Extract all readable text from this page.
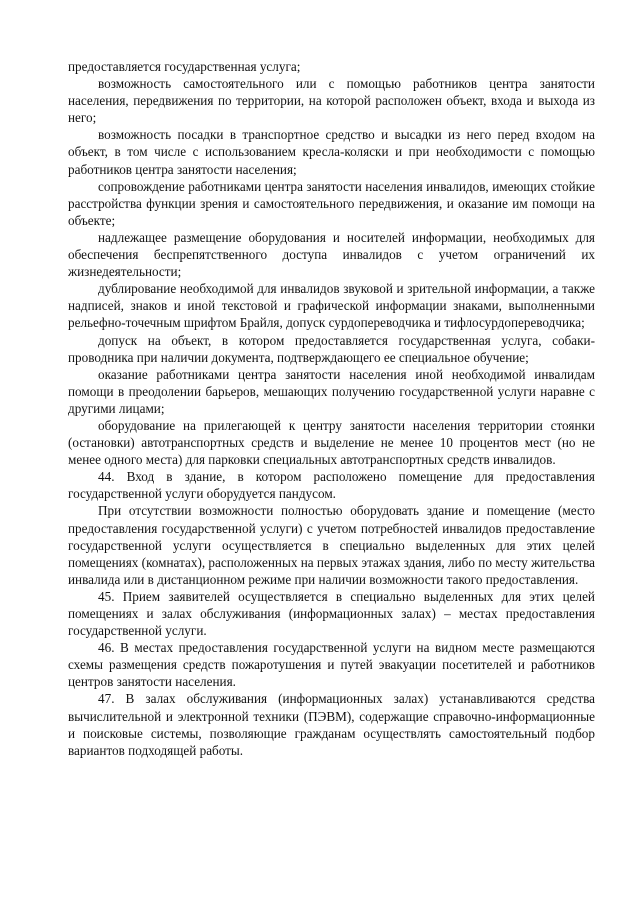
предоставляется государственная услуга;

возможность самостоятельного или с помощью работников центра занятости населения, передвижения по территории, на которой расположен объект, входа и выхода из него;

возможность посадки в транспортное средство и высадки из него перед входом на объект, в том числе с использованием кресла-коляски и при необходимости с помощью работников центра занятости населения;

сопровождение работниками центра занятости населения инвалидов, имеющих стойкие расстройства функции зрения и самостоятельного передвижения, и оказание им помощи на объекте;

надлежащее размещение оборудования и носителей информации, необходимых для обеспечения беспрепятственного доступа инвалидов с учетом ограничений их жизнедеятельности;

дублирование необходимой для инвалидов звуковой и зрительной информации, а также надписей, знаков и иной текстовой и графической информации знаками, выполненными рельефно-точечным шрифтом Брайля, допуск сурдопереводчика и тифлосурдопереводчика;

допуск на объект, в котором предоставляется государственная услуга, собаки-проводника при наличии документа, подтверждающего ее специальное обучение;

оказание работниками центра занятости населения иной необходимой инвалидам помощи в преодолении барьеров, мешающих получению государственной услуги наравне с другими лицами;

оборудование на прилегающей к центру занятости населения территории стоянки (остановки) автотранспортных средств и выделение не менее 10 процентов мест (но не менее одного места) для парковки специальных автотранспортных средств инвалидов.

44. Вход в здание, в котором расположено помещение для предоставления государственной услуги оборудуется пандусом.

При отсутствии возможности полностью оборудовать здание и помещение (место предоставления государственной услуги) с учетом потребностей инвалидов предоставление государственной услуги осуществляется в специально выделенных для этих целей помещениях (комнатах), расположенных на первых этажах здания, либо по месту жительства инвалида или в дистанционном режиме при наличии возможности такого предоставления.

45. Прием заявителей осуществляется в специально выделенных для этих целей помещениях и залах обслуживания (информационных залах) – местах предоставления государственной услуги.

46. В местах предоставления государственной услуги на видном месте размещаются схемы размещения средств пожаротушения и путей эвакуации посетителей и работников центров занятости населения.

47. В залах обслуживания (информационных залах) устанавливаются средства вычислительной и электронной техники (ПЭВМ), содержащие справочно-информационные и поисковые системы, позволяющие гражданам осуществлять самостоятельный подбор вариантов подходящей работы.
